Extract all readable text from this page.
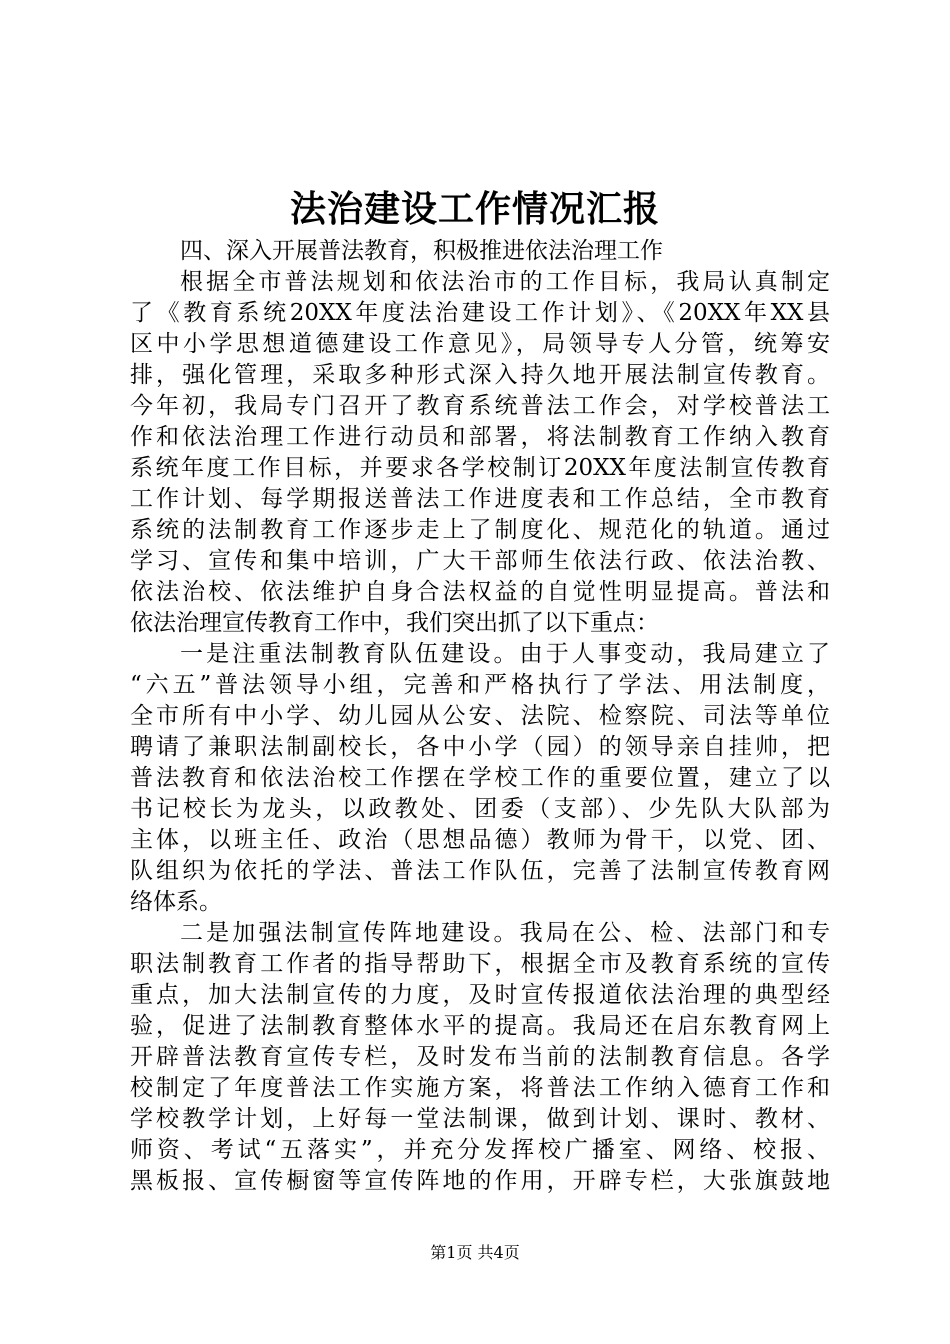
法治建设工作情况汇报
四、深入开展普法教育，积极推进依法治理工作
根据全市普法规划和依法治市的工作目标，我局认真制定
了《教育系统20XX年度法治建设工作计划》、《20XX年XX县
区中小学思想道德建设工作意见》，局领导专人分管，统筹安
排，强化管理，采取多种形式深入持久地开展法制宣传教育。
今年初，我局专门召开了教育系统普法工作会，对学校普法工
作和依法治理工作进行动员和部署，将法制教育工作纳入教育
系统年度工作目标，并要求各学校制订20XX年度法制宣传教育
工作计划、每学期报送普法工作进度表和工作总结，全市教育
系统的法制教育工作逐步走上了制度化、规范化的轨道。通过
学习、宣传和集中培训，广大干部师生依法行政、依法治教、
依法治校、依法维护自身合法权益的自觉性明显提高。普法和
依法治理宣传教育工作中，我们突出抓了以下重点：
一是注重法制教育队伍建设。由于人事变动，我局建立了
“六五”普法领导小组，完善和严格执行了学法、用法制度，
全市所有中小学、幼儿园从公安、法院、检察院、司法等单位
聘请了兼职法制副校长，各中小学（园）的领导亲自挂帅，把
普法教育和依法治校工作摆在学校工作的重要位置，建立了以
书记校长为龙头，以政教处、团委（支部）、少先队大队部为
主体，以班主任、政治（思想品德）教师为骨干，以党、团、
队组织为依托的学法、普法工作队伍，完善了法制宣传教育网
络体系。
二是加强法制宣传阵地建设。我局在公、检、法部门和专
职法制教育工作者的指导帮助下，根据全市及教育系统的宣传
重点，加大法制宣传的力度，及时宣传报道依法治理的典型经
验，促进了法制教育整体水平的提高。我局还在启东教育网上
开辟普法教育宣传专栏，及时发布当前的法制教育信息。各学
校制定了年度普法工作实施方案，将普法工作纳入德育工作和
学校教学计划，上好每一堂法制课，做到计划、课时、教材、
师资、考试“五落实”，并充分发挥校广播室、网络、校报、
黑板报、宣传橱窗等宣传阵地的作用，开辟专栏，大张旗鼓地
第1页 共4页
